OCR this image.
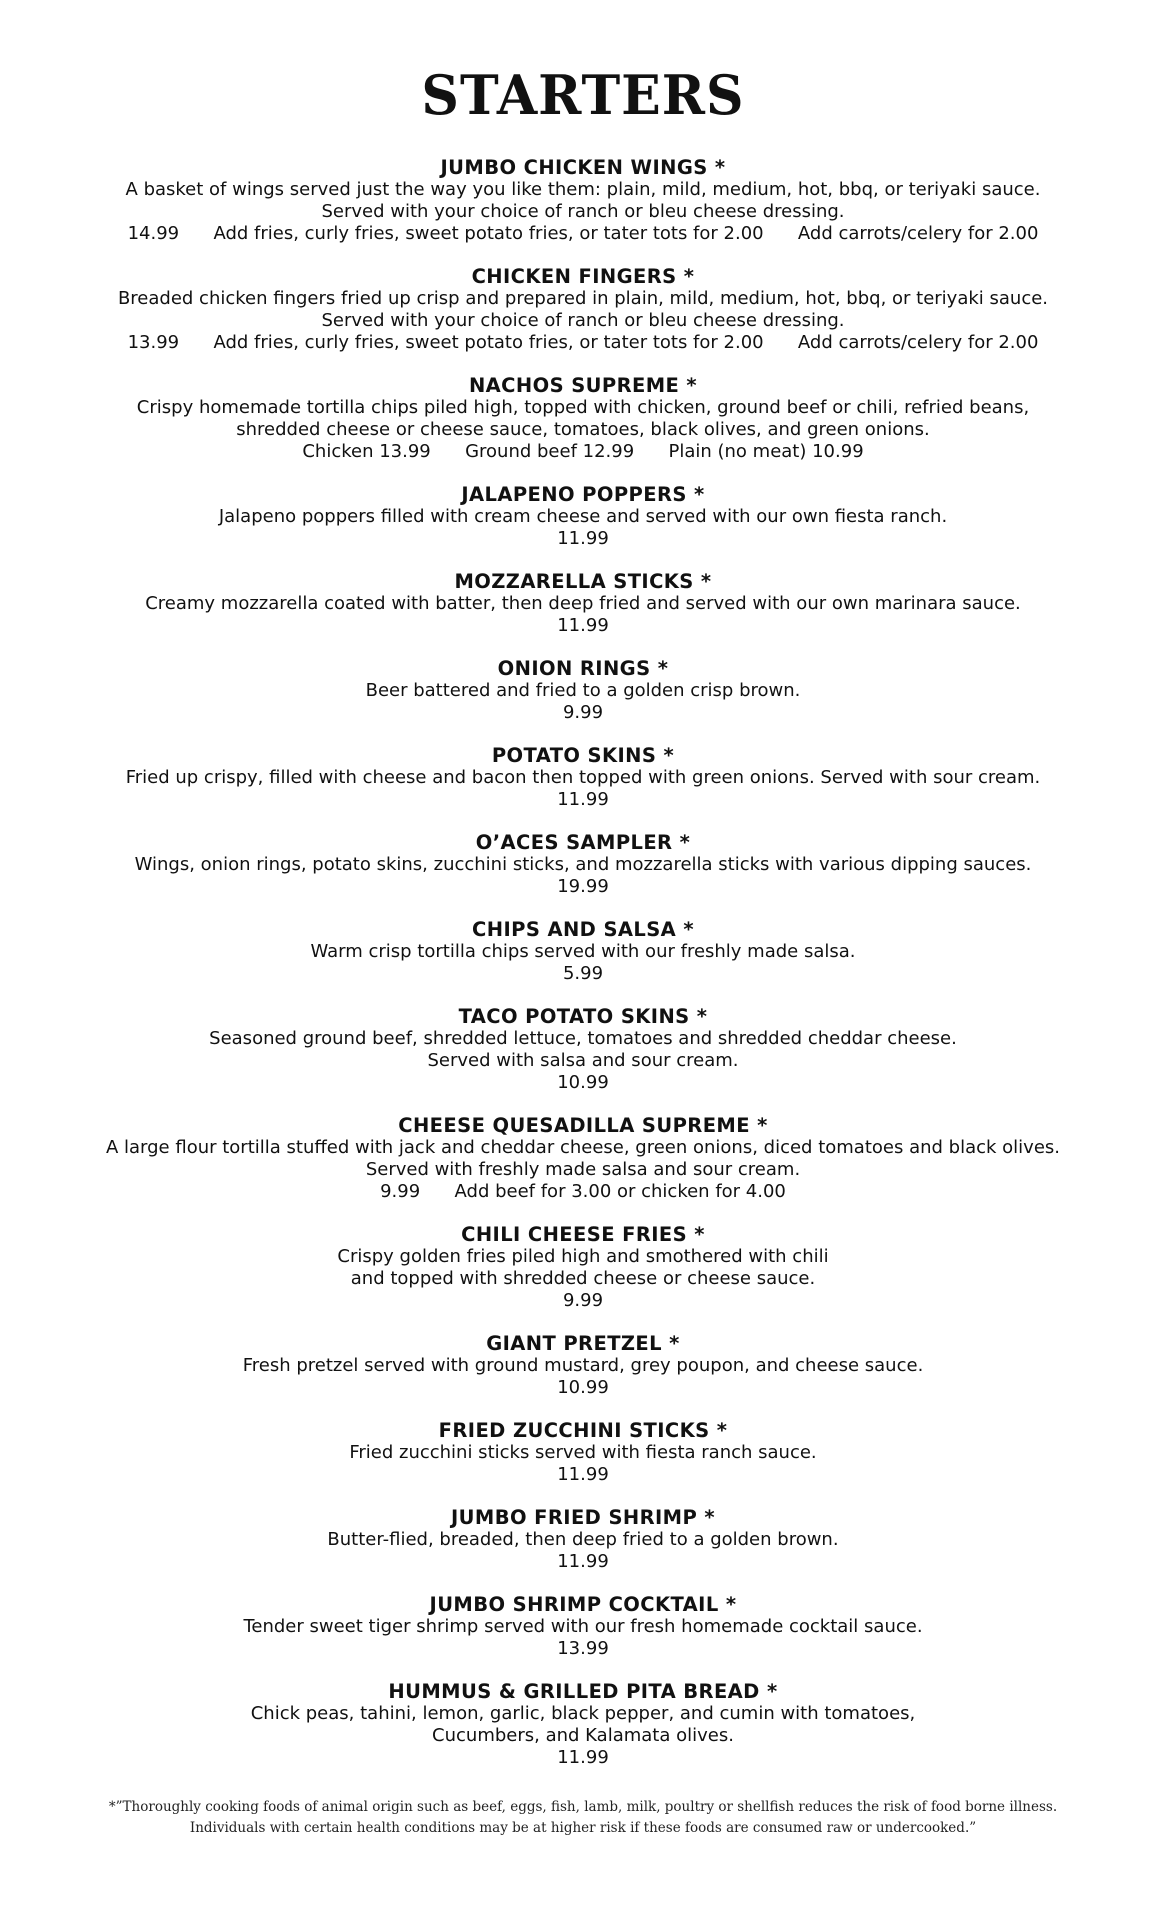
STARTERS
JUMBO CHICKEN WINGS *
A basket of wings served just the way you like them: plain, mild, medium, hot, bbq, or teriyaki sauce.
Served with your choice of ranch or bleu cheese dressing.
14.99      Add fries, curly fries, sweet potato fries, or tater tots for 2.00      Add carrots/celery for 2.00
CHICKEN FINGERS *
Breaded chicken fingers fried up crisp and prepared in plain, mild, medium, hot, bbq, or teriyaki sauce.
Served with your choice of ranch or bleu cheese dressing.
13.99      Add fries, curly fries, sweet potato fries, or tater tots for 2.00      Add carrots/celery for 2.00
NACHOS SUPREME *
Crispy homemade tortilla chips piled high, topped with chicken, ground beef or chili, refried beans,
shredded cheese or cheese sauce, tomatoes, black olives, and green onions.
Chicken 13.99      Ground beef 12.99      Plain (no meat) 10.99
JALAPENO POPPERS *
Jalapeno poppers filled with cream cheese and served with our own fiesta ranch.
11.99
MOZZARELLA STICKS *
Creamy mozzarella coated with batter, then deep fried and served with our own marinara sauce.
11.99
ONION RINGS *
Beer battered and fried to a golden crisp brown.
9.99
POTATO SKINS *
Fried up crispy, filled with cheese and bacon then topped with green onions. Served with sour cream.
11.99
O’ACES SAMPLER *
Wings, onion rings, potato skins, zucchini sticks, and mozzarella sticks with various dipping sauces.
19.99
CHIPS AND SALSA *
Warm crisp tortilla chips served with our freshly made salsa.
5.99
TACO POTATO SKINS *
Seasoned ground beef, shredded lettuce, tomatoes and shredded cheddar cheese.
Served with salsa and sour cream.
10.99
CHEESE QUESADILLA SUPREME *
A large flour tortilla stuffed with jack and cheddar cheese, green onions, diced tomatoes and black olives.
Served with freshly made salsa and sour cream.
9.99      Add beef for 3.00 or chicken for 4.00
CHILI CHEESE FRIES *
Crispy golden fries piled high and smothered with chili
and topped with shredded cheese or cheese sauce.
9.99
GIANT PRETZEL *
Fresh pretzel served with ground mustard, grey poupon, and cheese sauce.
10.99
FRIED ZUCCHINI STICKS *
Fried zucchini sticks served with fiesta ranch sauce.
11.99
JUMBO FRIED SHRIMP *
Butter-flied, breaded, then deep fried to a golden brown.
11.99
JUMBO SHRIMP COCKTAIL *
Tender sweet tiger shrimp served with our fresh homemade cocktail sauce.
13.99
HUMMUS & GRILLED PITA BREAD *
Chick peas, tahini, lemon, garlic, black pepper, and cumin with tomatoes,
Cucumbers, and Kalamata olives.
11.99
*”Thoroughly cooking foods of animal origin such as beef, eggs, fish, lamb, milk, poultry or shellfish reduces the risk of food borne illness.
Individuals with certain health conditions may be at higher risk if these foods are consumed raw or undercooked.”
